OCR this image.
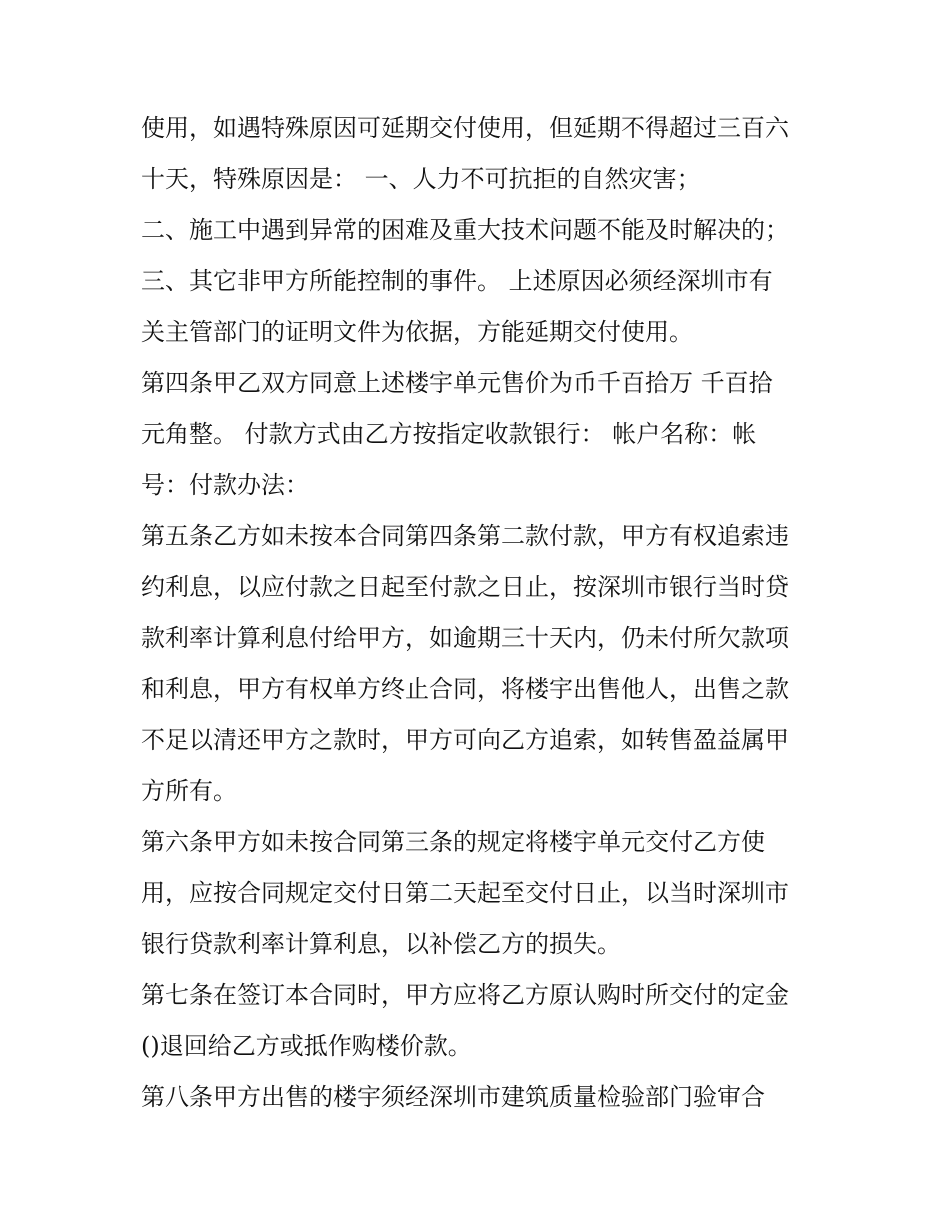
使用，如遇特殊原因可延期交付使用，但延期不得超过三百六
十天，特殊原因是： 一、人力不可抗拒的自然灾害；
二、施工中遇到异常的困难及重大技术问题不能及时解决的；
三、其它非甲方所能控制的事件。 上述原因必须经深圳市有
关主管部门的证明文件为依据，方能延期交付使用。
第四条甲乙双方同意上述楼宇单元售价为币千百拾万 千百拾
元角整。 付款方式由乙方按指定收款银行： 帐户名称：帐
号：付款办法：
第五条乙方如未按本合同第四条第二款付款，甲方有权追索违
约利息，以应付款之日起至付款之日止，按深圳市银行当时贷
款利率计算利息付给甲方，如逾期三十天内，仍未付所欠款项
和利息，甲方有权单方终止合同，将楼宇出售他人，出售之款
不足以清还甲方之款时，甲方可向乙方追索，如转售盈益属甲
方所有。
第六条甲方如未按合同第三条的规定将楼宇单元交付乙方使
用，应按合同规定交付日第二天起至交付日止，以当时深圳市
银行贷款利率计算利息，以补偿乙方的损失。
第七条在签订本合同时，甲方应将乙方原认购时所交付的定金
()退回给乙方或抵作购楼价款。
第八条甲方出售的楼宇须经深圳市建筑质量检验部门验审合
